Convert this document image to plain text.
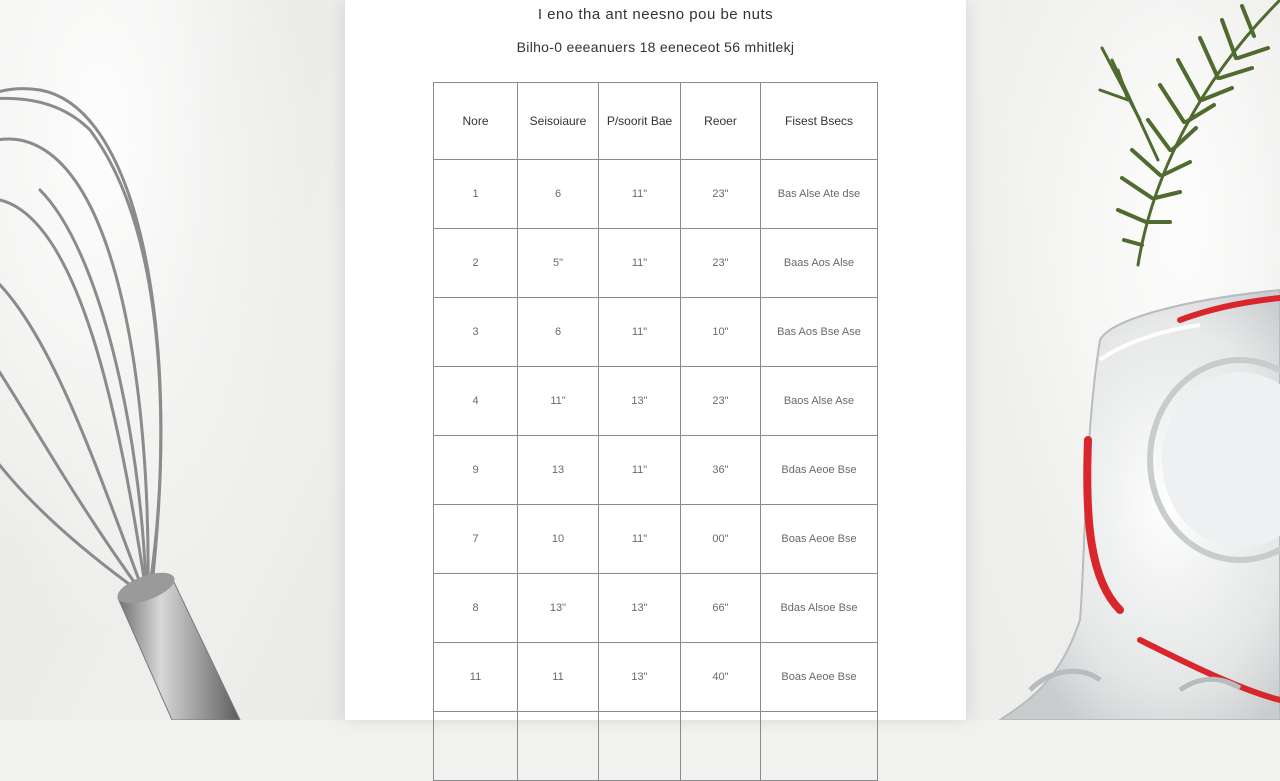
I eno tha ant neesno pou be nuts
Bilho-0 eeeanuers 18 eeneceot 56 mhitlekj
Nore	Seisoiaure	P/soorit Bae	Reoer	Fisest Bsecs
1	6	11"	23"	Bas Alse Ate dse
2	5"	11"	23"	Baas Aos Alse
3	6	11"	10"	Bas Aos Bse Ase
4	11"	13"	23"	Baos Alse Ase
9	13	11"	36"	Bdas Aeoe Bse
7	10	11"	00"	Boas Aeoe Bse
8	13"	13"	66"	Bdas Alsoe Bse
11	11	13"	40"	Boas Aeoe Bse
